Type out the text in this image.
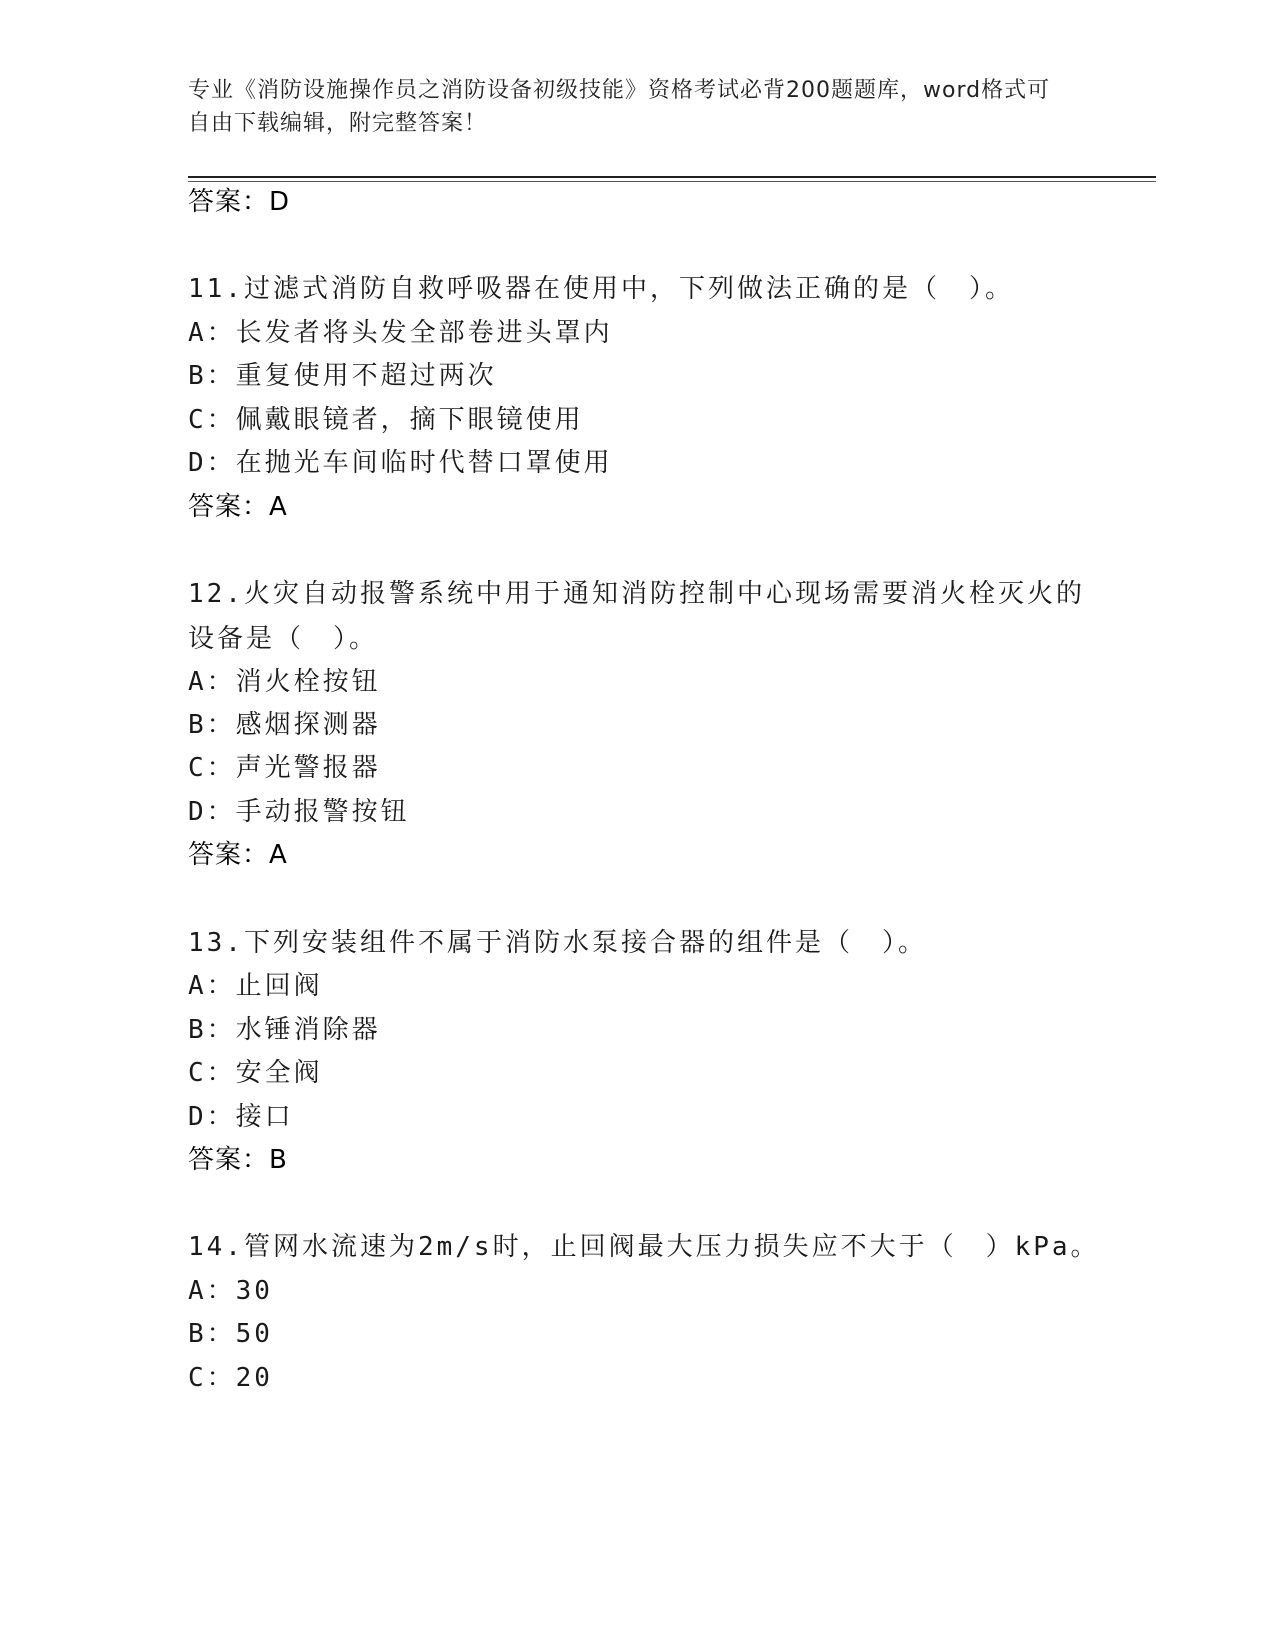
专业《消防设施操作员之消防设备初级技能》资格考试必背200题题库，word格式可自由下载编辑，附完整答案！
答案：D
11.过滤式消防自救呼吸器在使用中，下列做法正确的是（　）。
A：长发者将头发全部卷进头罩内
B：重复使用不超过两次
C：佩戴眼镜者，摘下眼镜使用
D：在抛光车间临时代替口罩使用
答案：A
12.火灾自动报警系统中用于通知消防控制中心现场需要消火栓灭火的设备是（　）。
A：消火栓按钮
B：感烟探测器
C：声光警报器
D：手动报警按钮
答案：A
13.下列安装组件不属于消防水泵接合器的组件是（　）。
A：止回阀
B：水锤消除器
C：安全阀
D：接口
答案：B
14.管网水流速为2m/s时，止回阀最大压力损失应不大于（　）kPa。
A：30
B：50
C：20
